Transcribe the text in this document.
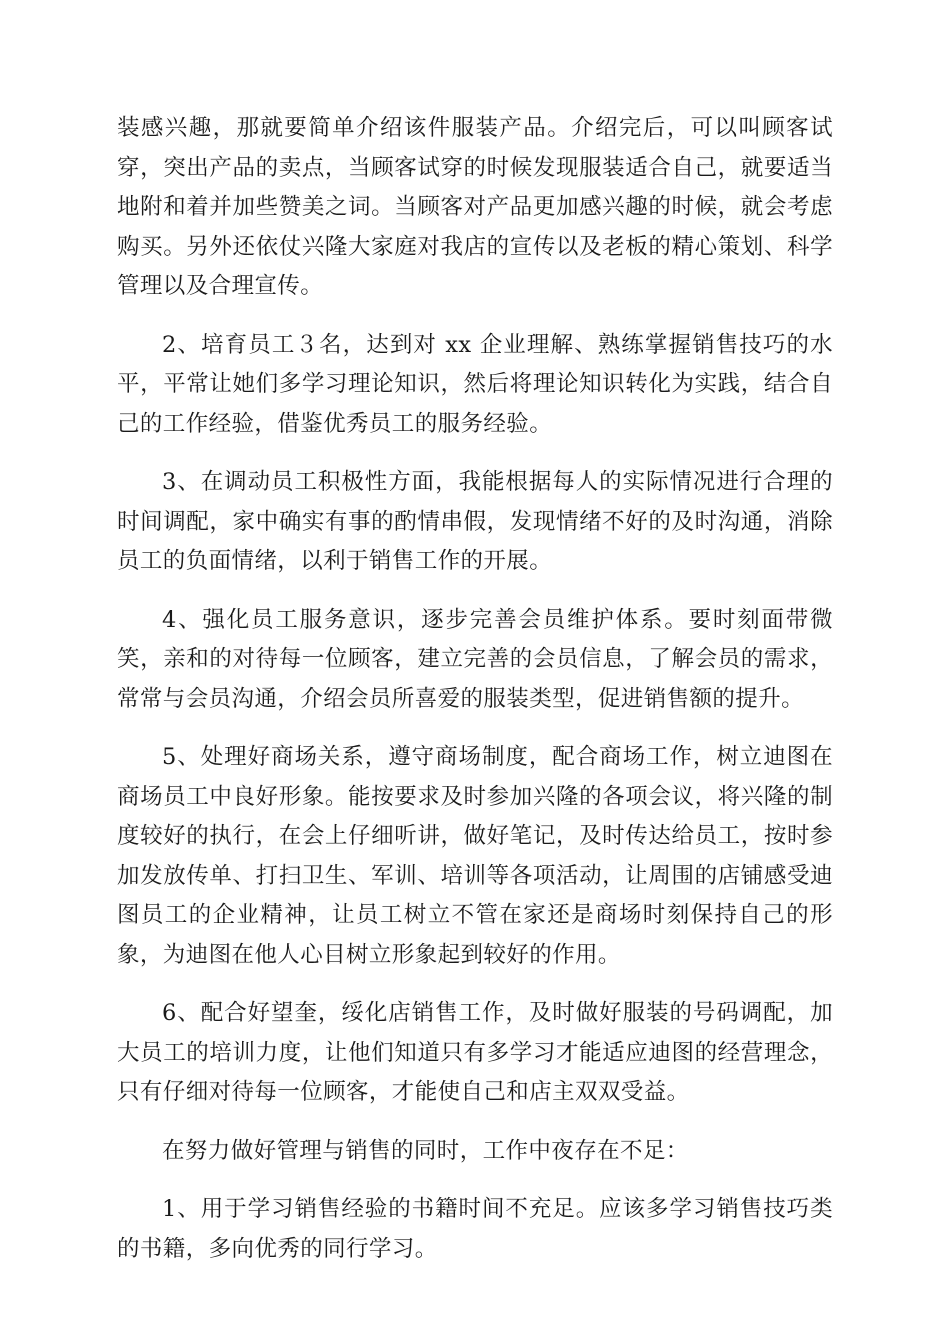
装感兴趣，那就要简单介绍该件服装产品。介绍完后，可以叫顾客试穿，突出产品的卖点，当顾客试穿的时候发现服装适合自己，就要适当地附和着并加些赞美之词。当顾客对产品更加感兴趣的时候，就会考虑购买。另外还依仗兴隆大家庭对我店的宣传以及老板的精心策划、科学管理以及合理宣传。

2、培育员工３名，达到对 xx 企业理解、熟练掌握销售技巧的水平，平常让她们多学习理论知识，然后将理论知识转化为实践，结合自己的工作经验，借鉴优秀员工的服务经验。

3、在调动员工积极性方面，我能根据每人的实际情况进行合理的时间调配，家中确实有事的酌情串假，发现情绪不好的及时沟通，消除员工的负面情绪，以利于销售工作的开展。

4、强化员工服务意识，逐步完善会员维护体系。要时刻面带微笑，亲和的对待每一位顾客，建立完善的会员信息，了解会员的需求，常常与会员沟通，介绍会员所喜爱的服装类型，促进销售额的提升。

5、处理好商场关系，遵守商场制度，配合商场工作，树立迪图在商场员工中良好形象。能按要求及时参加兴隆的各项会议，将兴隆的制度较好的执行，在会上仔细听讲，做好笔记，及时传达给员工，按时参加发放传单、打扫卫生、军训、培训等各项活动，让周围的店铺感受迪图员工的企业精神，让员工树立不管在家还是商场时刻保持自己的形象，为迪图在他人心目树立形象起到较好的作用。

6、配合好望奎，绥化店销售工作，及时做好服装的号码调配，加大员工的培训力度，让他们知道只有多学习才能适应迪图的经营理念，只有仔细对待每一位顾客，才能使自己和店主双双受益。

在努力做好管理与销售的同时，工作中夜存在不足：

1、用于学习销售经验的书籍时间不充足。应该多学习销售技巧类的书籍，多向优秀的同行学习。
